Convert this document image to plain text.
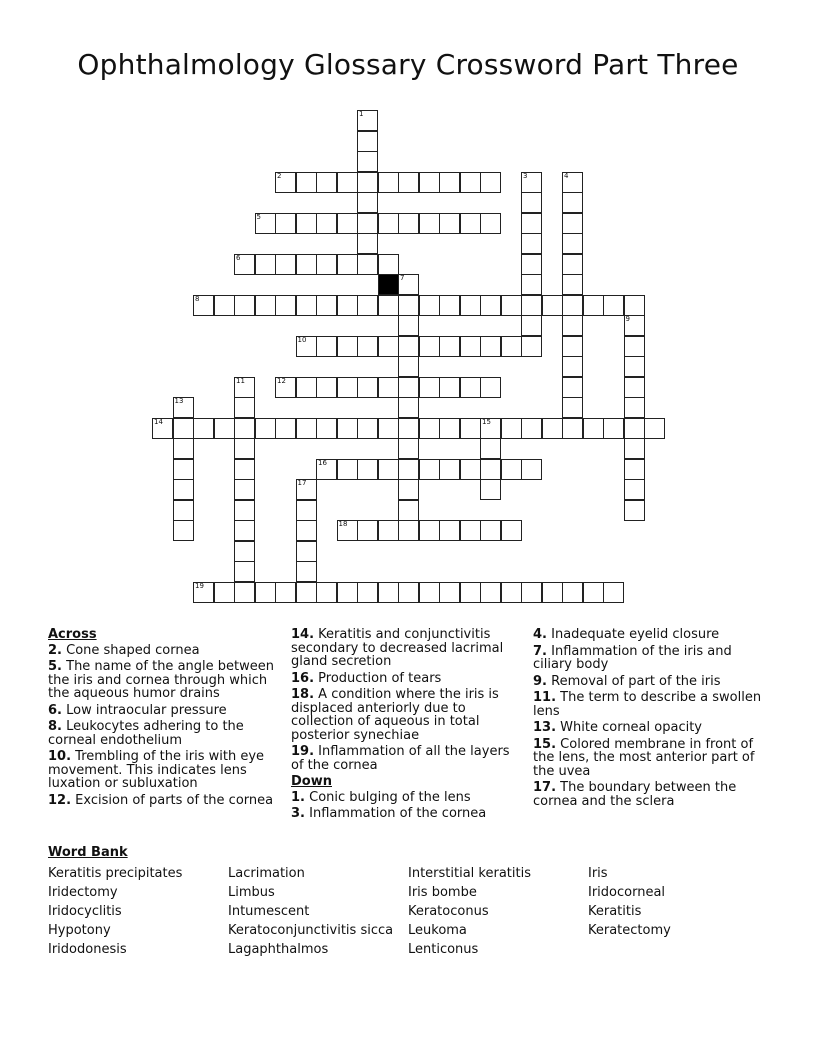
Ophthalmology Glossary Crossword Part Three
1
2	3	4
5
6
7
8
9
10
11	12
13
14	15
16
17
18
19
Across
2. Cone shaped cornea
5. The name of the angle between the iris and cornea through which the aqueous humor drains
6. Low intraocular pressure
8. Leukocytes adhering to the corneal endothelium
10. Trembling of the iris with eye movement. This indicates lens luxation or subluxation
12. Excision of parts of the cornea
14. Keratitis and conjunctivitis secondary to decreased lacrimal gland secretion
16. Production of tears
18. A condition where the iris is displaced anteriorly due to collection of aqueous in total posterior synechiae
19. Inflammation of all the layers of the cornea
Down
1. Conic bulging of the lens
3. Inflammation of the cornea
4. Inadequate eyelid closure
7. Inflammation of the iris and ciliary body
9. Removal of part of the iris
11. The term to describe a swollen lens
13. White corneal opacity
15. Colored membrane in front of the lens, the most anterior part of the uvea
17. The boundary between the cornea and the sclera
Word Bank
Keratitis precipitates
Iridectomy
Iridocyclitis
Hypotony
Iridodonesis
Lacrimation
Limbus
Intumescent
Keratoconjunctivitis sicca
Lagaphthalmos
Interstitial keratitis
Iris bombe
Keratoconus
Leukoma
Lenticonus
Iris
Iridocorneal
Keratitis
Keratectomy
